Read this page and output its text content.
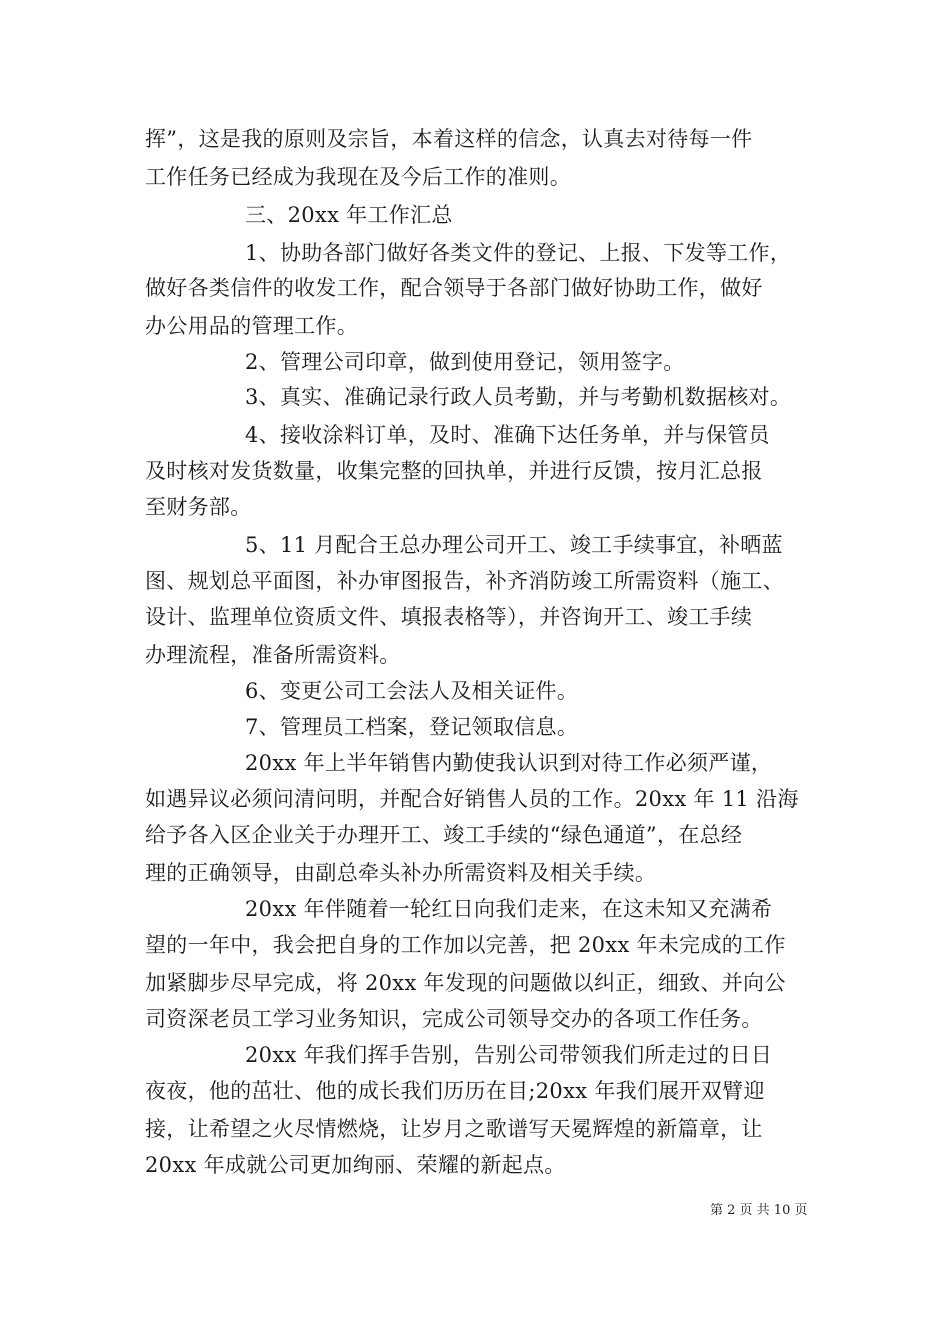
挥”，这是我的原则及宗旨，本着这样的信念，认真去对待每一件
工作任务已经成为我现在及今后工作的准则。
三、20xx 年工作汇总
1、协助各部门做好各类文件的登记、上报、下发等工作，
做好各类信件的收发工作，配合领导于各部门做好协助工作，做好
办公用品的管理工作。
2、管理公司印章，做到使用登记，领用签字。
3、真实、准确记录行政人员考勤，并与考勤机数据核对。
4、接收涂料订单，及时、准确下达任务单，并与保管员
及时核对发货数量，收集完整的回执单，并进行反馈，按月汇总报
至财务部。
5、11 月配合王总办理公司开工、竣工手续事宜，补晒蓝
图、规划总平面图，补办审图报告，补齐消防竣工所需资料（施工、
设计、监理单位资质文件、填报表格等），并咨询开工、竣工手续
办理流程，准备所需资料。
6、变更公司工会法人及相关证件。
7、管理员工档案，登记领取信息。
20xx 年上半年销售内勤使我认识到对待工作必须严谨，
如遇异议必须问清问明，并配合好销售人员的工作。20xx 年 11 沿海
给予各入区企业关于办理开工、竣工手续的“绿色通道”，在总经
理的正确领导，由副总牵头补办所需资料及相关手续。
20xx 年伴随着一轮红日向我们走来，在这未知又充满希
望的一年中，我会把自身的工作加以完善，把 20xx 年未完成的工作
加紧脚步尽早完成，将 20xx 年发现的问题做以纠正，细致、并向公
司资深老员工学习业务知识，完成公司领导交办的各项工作任务。
20xx 年我们挥手告别，告别公司带领我们所走过的日日
夜夜，他的茁壮、他的成长我们历历在目;20xx 年我们展开双臂迎
接，让希望之火尽情燃烧，让岁月之歌谱写天冕辉煌的新篇章，让
20xx 年成就公司更加绚丽、荣耀的新起点。
第 2 页 共 10 页
